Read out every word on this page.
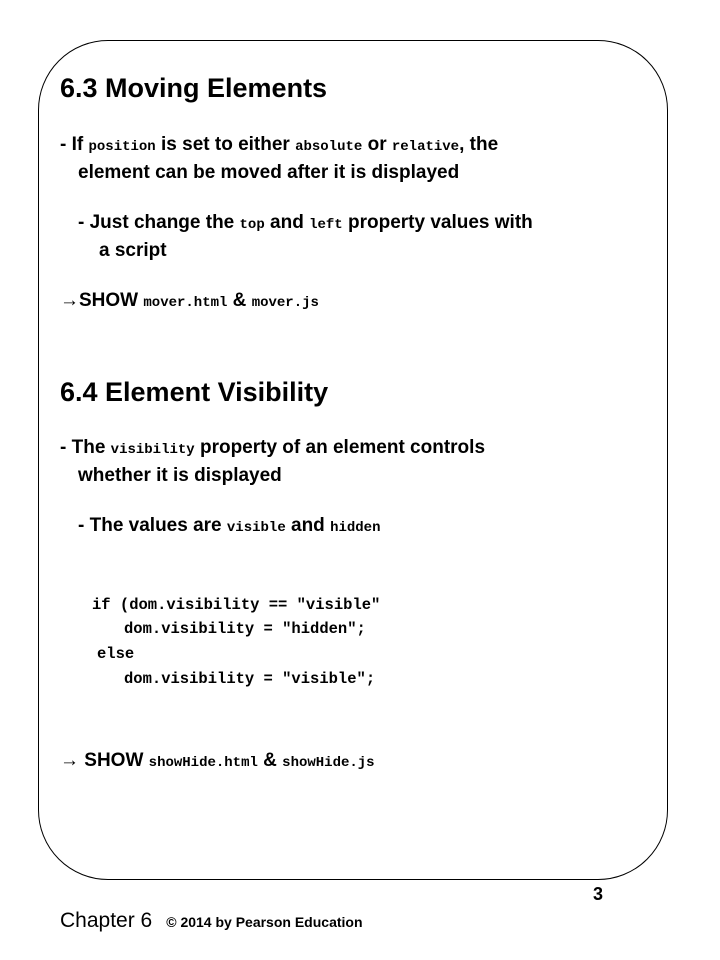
6.3 Moving Elements
- If position is set to either absolute or relative, the
element can be moved after it is displayed
- Just change the top and left property values with
a script
→SHOW mover.html & mover.js
6.4 Element Visibility
- The visibility property of an element controls
whether it is displayed
- The values are visible and hidden
if (dom.visibility == "visible"
dom.visibility = "hidden";
else
dom.visibility = "visible";
→ SHOW showHide.html & showHide.js
Chapter 6 © 2014 by Pearson Education
3
